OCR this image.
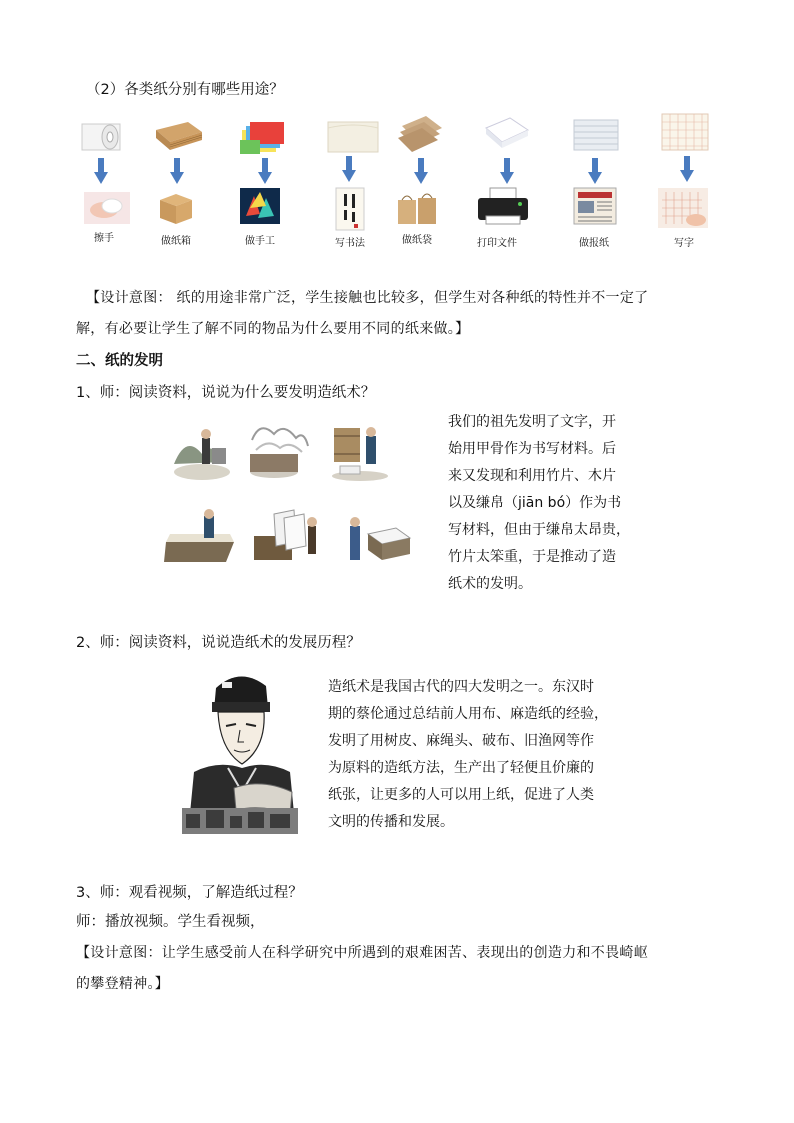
（2）各类纸分别有哪些用途？
擦手	做纸箱	做手工	写书法	做纸袋	打印文件	做报纸	写字
【设计意图： 纸的用途非常广泛，学生接触也比较多，但学生对各种纸的特性并不一定了
解，有必要让学生了解不同的物品为什么要用不同的纸来做。】
二、纸的发明
1、师：阅读资料，说说为什么要发明造纸术？
我们的祖先发明了文字，开
始用甲骨作为书写材料。后
来又发现和利用竹片、木片
以及缣帛（jiān bó）作为书
写材料，但由于缣帛太昂贵，
竹片太笨重，于是推动了造
纸术的发明。
2、师：阅读资料，说说造纸术的发展历程？
造纸术是我国古代的四大发明之一。东汉时
期的蔡伦通过总结前人用布、麻造纸的经验，
发明了用树皮、麻绳头、破布、旧渔网等作
为原料的造纸方法，生产出了轻便且价廉的
纸张，让更多的人可以用上纸，促进了人类
文明的传播和发展。
3、师：观看视频，了解造纸过程？
师：播放视频。学生看视频，
【设计意图：让学生感受前人在科学研究中所遇到的艰难困苦、表现出的创造力和不畏崎岖
的攀登精神。】
